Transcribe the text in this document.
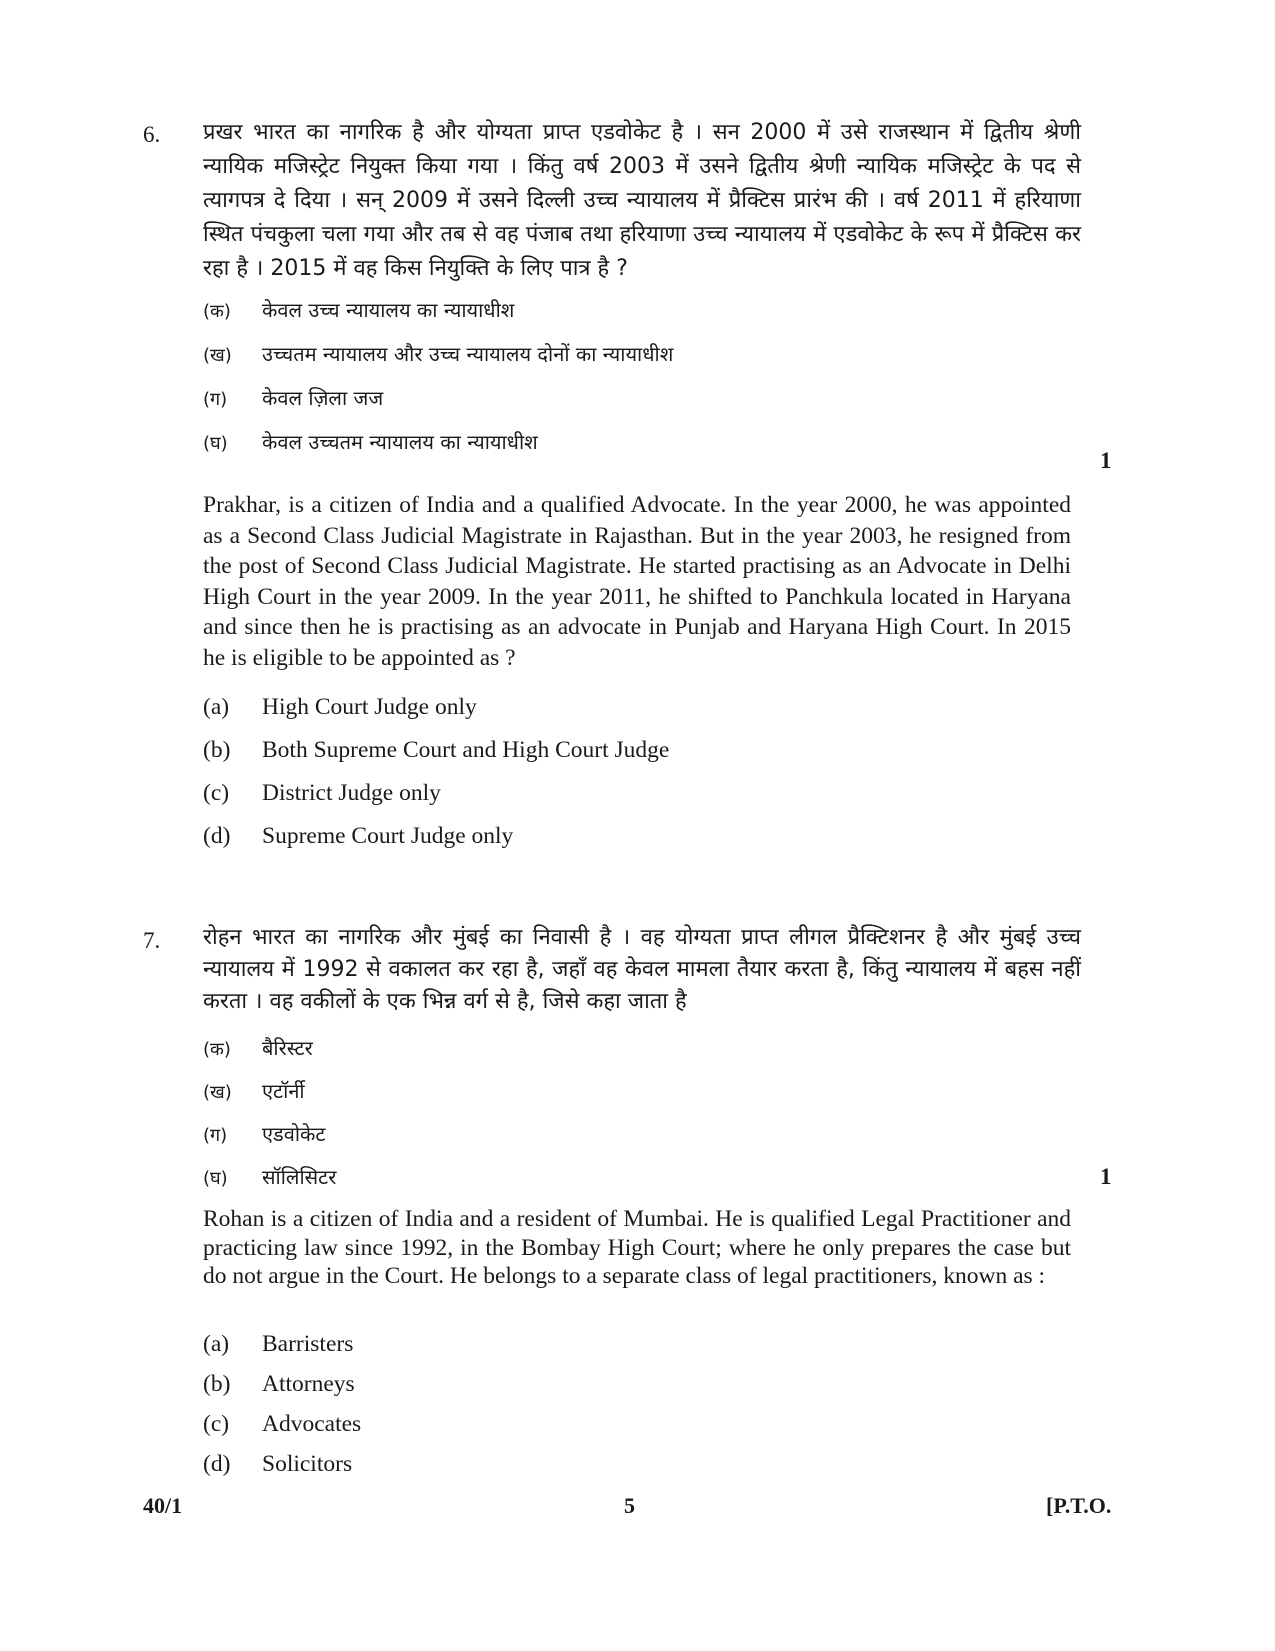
6. प्रखर भारत का नागरिक है और योग्यता प्राप्त एडवोकेट है । सन 2000 में उसे राजस्थान में द्वितीय श्रेणी न्यायिक मजिस्ट्रेट नियुक्त किया गया । किंतु वर्ष 2003 में उसने द्वितीय श्रेणी न्यायिक मजिस्ट्रेट के पद से त्यागपत्र दे दिया । सन् 2009 में उसने दिल्ली उच्च न्यायालय में प्रैक्टिस प्रारंभ की । वर्ष 2011 में हरियाणा स्थित पंचकुला चला गया और तब से वह पंजाब तथा हरियाणा उच्च न्यायालय में एडवोकेट के रूप में प्रैक्टिस कर रहा है । 2015 में वह किस नियुक्ति के लिए पात्र है ?
(क) केवल उच्च न्यायालय का न्यायाधीश
(ख) उच्चतम न्यायालय और उच्च न्यायालय दोनों का न्यायाधीश
(ग) केवल ज़िला जज
(घ) केवल उच्चतम न्यायालय का न्यायाधीश
1
Prakhar, is a citizen of India and a qualified Advocate. In the year 2000, he was appointed as a Second Class Judicial Magistrate in Rajasthan. But in the year 2003, he resigned from the post of Second Class Judicial Magistrate. He started practising as an Advocate in Delhi High Court in the year 2009. In the year 2011, he shifted to Panchkula located in Haryana and since then he is practising as an advocate in Punjab and Haryana High Court. In 2015 he is eligible to be appointed as ?
(a) High Court Judge only
(b) Both Supreme Court and High Court Judge
(c) District Judge only
(d) Supreme Court Judge only
7. रोहन भारत का नागरिक और मुंबई का निवासी है । वह योग्यता प्राप्त लीगल प्रैक्टिशनर है और मुंबई उच्च न्यायालय में 1992 से वकालत कर रहा है, जहाँ वह केवल मामला तैयार करता है, किंतु न्यायालय में बहस नहीं करता । वह वकीलों के एक भिन्न वर्ग से है, जिसे कहा जाता है
(क) बैरिस्टर
(ख) एटॉर्नी
(ग) एडवोकेट
(घ) सॉलिसिटर	1
Rohan is a citizen of India and a resident of Mumbai. He is qualified Legal Practitioner and practicing law since 1992, in the Bombay High Court; where he only prepares the case but do not argue in the Court. He belongs to a separate class of legal practitioners, known as :
(a) Barristers
(b) Attorneys
(c) Advocates
(d) Solicitors
40/1	5	[P.T.O.
